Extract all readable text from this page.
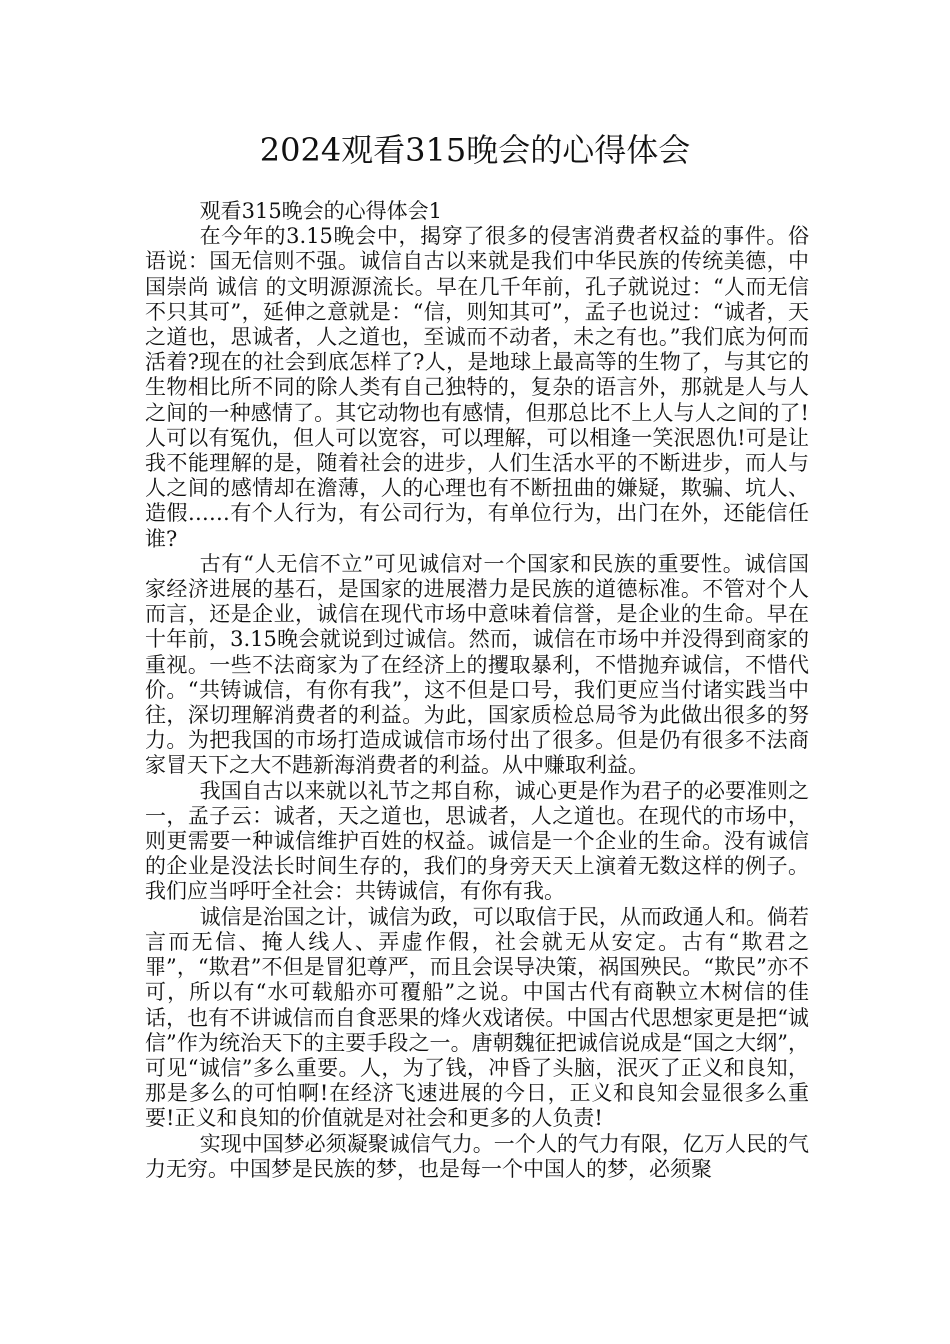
2024观看315晚会的心得体会

观看315晚会的心得体会1

在今年的3.15晚会中，揭穿了很多的侵害消费者权益的事件。俗语说：国无信则不强。诚信自古以来就是我们中华民族的传统美德，中国崇尚 诚信 的文明源源流长。早在几千年前，孔子就说过：“人而无信不只其可”，延伸之意就是：“信，则知其可”，孟子也说过：“诚者，天之道也，思诚者，人之道也，至诚而不动者，未之有也。”我们底为何而活着?现在的社会到底怎样了?人，是地球上最高等的生物了，与其它的生物相比所不同的除人类有自己独特的，复杂的语言外，那就是人与人之间的一种感情了。其它动物也有感情，但那总比不上人与人之间的了!人可以有冤仇，但人可以宽容，可以理解，可以相逢一笑泯恩仇!可是让我不能理解的是，随着社会的进步，人们生活水平的不断进步，而人与人之间的感情却在澹薄，人的心理也有不断扭曲的嫌疑，欺骗、坑人、造假……有个人行为，有公司行为，有单位行为，出门在外，还能信任谁?

古有“人无信不立”可见诚信对一个国家和民族的重要性。诚信国家经济进展的基石，是国家的进展潜力是民族的道德标准。不管对个人而言，还是企业，诚信在现代市场中意味着信誉，是企业的生命。早在十年前，3.15晚会就说到过诚信。然而，诚信在市场中并没得到商家的重视。一些不法商家为了在经济上的攫取暴利，不惜抛弃诚信，不惜代价。“共铸诚信，有你有我”，这不但是口号，我们更应当付诸实践当中往，深切理解消费者的利益。为此，国家质检总局爷为此做出很多的努力。为把我国的市场打造成诚信市场付出了很多。但是仍有很多不法商家冒天下之大不韪新海消费者的利益。从中赚取利益。

我国自古以来就以礼节之邦自称，诚心更是作为君子的必要准则之一，孟子云：诚者，天之道也，思诚者，人之道也。在现代的市场中，则更需要一种诚信维护百姓的权益。诚信是一个企业的生命。没有诚信的企业是没法长时间生存的，我们的身旁天天上演着无数这样的例子。我们应当呼吁全社会：共铸诚信，有你有我。

诚信是治国之计，诚信为政，可以取信于民，从而政通人和。倘若言而无信、掩人线人、弄虚作假，社会就无从安定。古有“欺君之罪”，“欺君”不但是冒犯尊严，而且会误导决策，祸国殃民。“欺民”亦不可，所以有“水可载船亦可覆船”之说。中国古代有商鞅立木树信的佳话，也有不讲诚信而自食恶果的烽火戏诸侯。中国古代思想家更是把“诚信”作为统治天下的主要手段之一。唐朝魏征把诚信说成是“国之大纲”，可见“诚信”多么重要。人，为了钱，冲昏了头脑，泯灭了正义和良知，那是多么的可怕啊!在经济飞速进展的今日，正义和良知会显很多么重要!正义和良知的价值就是对社会和更多的人负责!

实现中国梦必须凝聚诚信气力。一个人的气力有限，亿万人民的气力无穷。中国梦是民族的梦，也是每一个中国人的梦，必须聚
